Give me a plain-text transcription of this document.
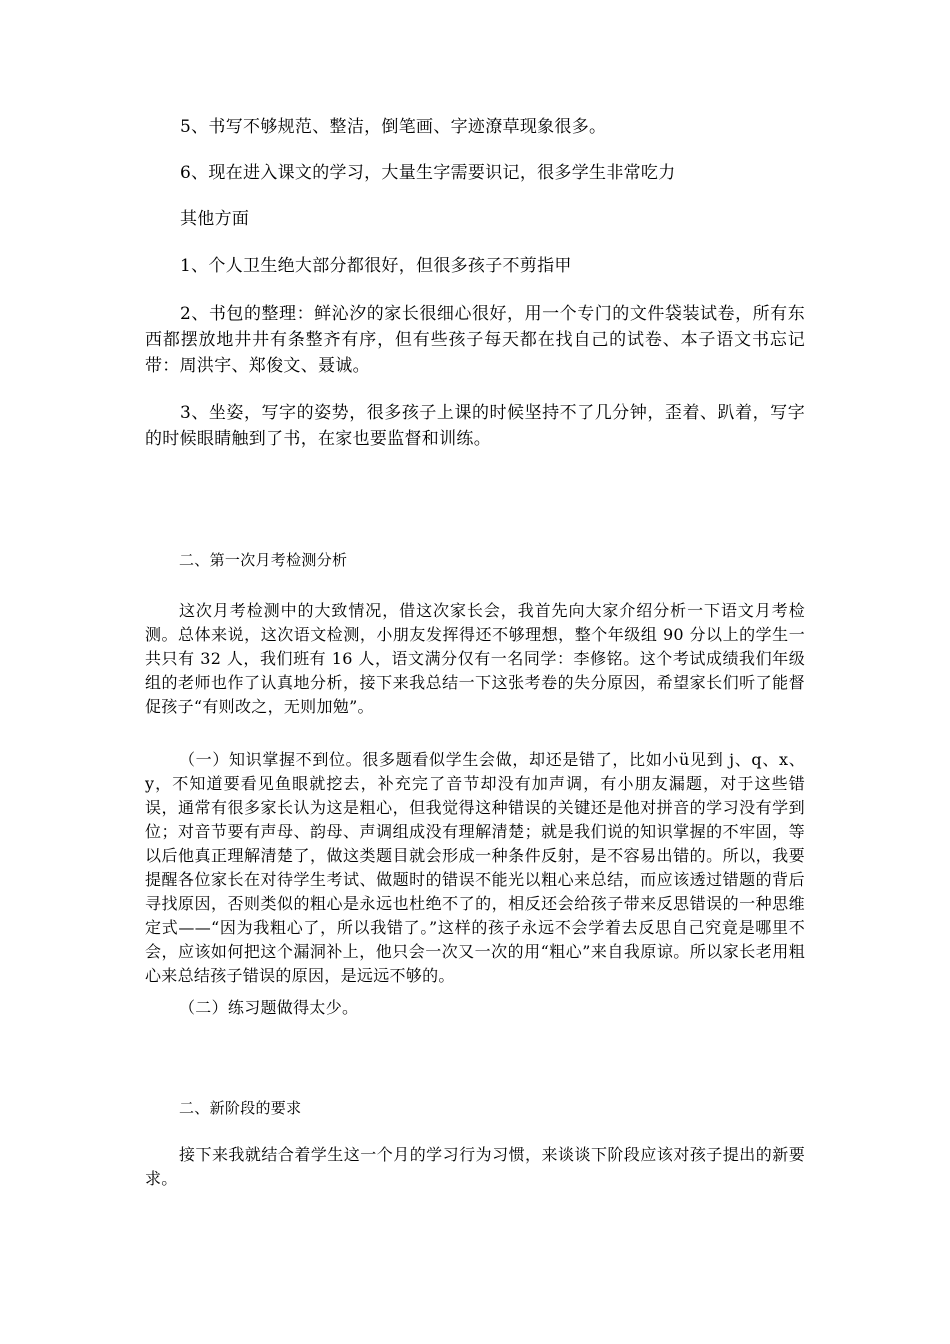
5、书写不够规范、整洁，倒笔画、字迹潦草现象很多。

6、现在进入课文的学习，大量生字需要识记，很多学生非常吃力

其他方面

1、个人卫生绝大部分都很好，但很多孩子不剪指甲

2、书包的整理：鲜沁汐的家长很细心很好，用一个专门的文件袋装试卷，所有东西都摆放地井井有条整齐有序，但有些孩子每天都在找自己的试卷、本子语文书忘记带：周洪宇、郑俊文、聂诚。

3、坐姿，写字的姿势，很多孩子上课的时候坚持不了几分钟，歪着、趴着，写字的时候眼睛触到了书，在家也要监督和训练。

二、第一次月考检测分析

这次月考检测中的大致情况，借这次家长会，我首先向大家介绍分析一下语文月考检测。总体来说，这次语文检测，小朋友发挥得还不够理想，整个年级组 90 分以上的学生一共只有 32 人，我们班有 16 人，语文满分仅有一名同学：李修铭。这个考试成绩我们年级组的老师也作了认真地分析，接下来我总结一下这张考卷的失分原因，希望家长们听了能督促孩子“有则改之，无则加勉”。

（一）知识掌握不到位。很多题看似学生会做，却还是错了，比如小ü见到 j、q、x、y，不知道要看见鱼眼就挖去，补充完了音节却没有加声调，有小朋友漏题，对于这些错误，通常有很多家长认为这是粗心，但我觉得这种错误的关键还是他对拼音的学习没有学到位；对音节要有声母、韵母、声调组成没有理解清楚；就是我们说的知识掌握的不牢固，等以后他真正理解清楚了，做这类题目就会形成一种条件反射，是不容易出错的。所以，我要提醒各位家长在对待学生考试、做题时的错误不能光以粗心来总结，而应该透过错题的背后寻找原因，否则类似的粗心是永远也杜绝不了的，相反还会给孩子带来反思错误的一种思维定式——“因为我粗心了，所以我错了。”这样的孩子永远不会学着去反思自己究竟是哪里不会，应该如何把这个漏洞补上，他只会一次又一次的用“粗心”来自我原谅。所以家长老用粗心来总结孩子错误的原因，是远远不够的。

（二）练习题做得太少。

二、新阶段的要求

接下来我就结合着学生这一个月的学习行为习惯，来谈谈下阶段应该对孩子提出的新要求。
